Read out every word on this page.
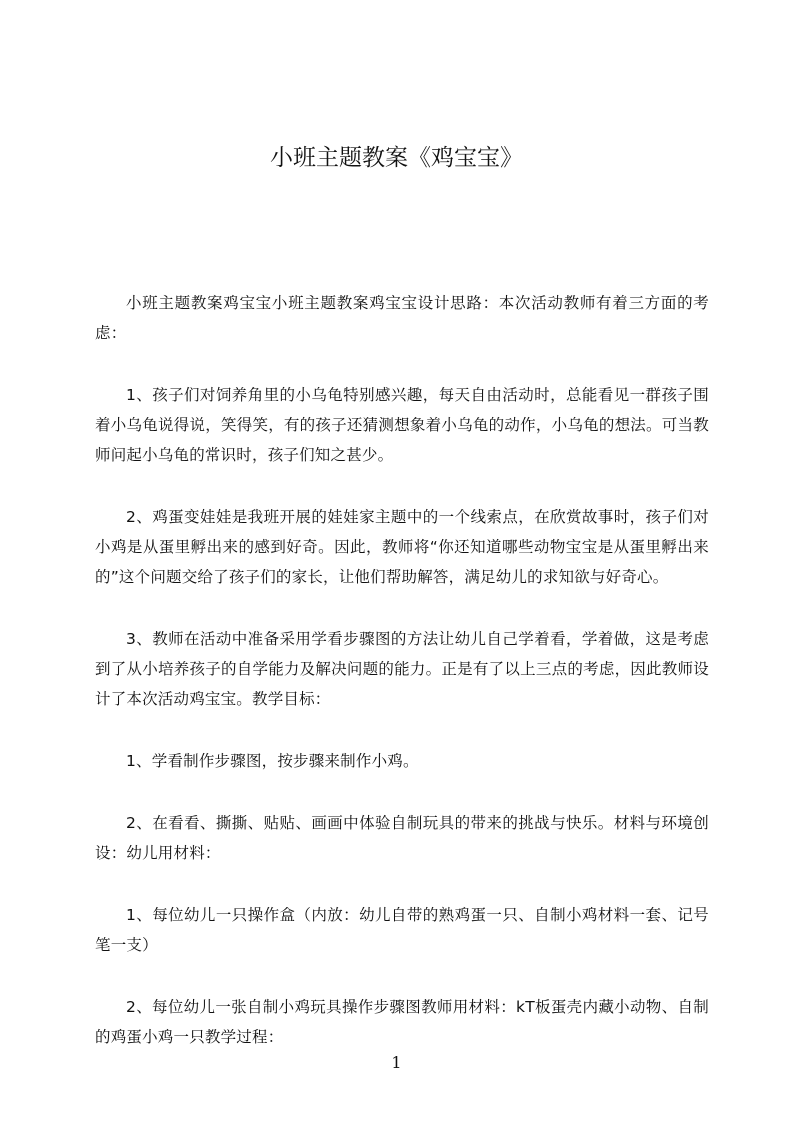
小班主题教案《鸡宝宝》

小班主题教案鸡宝宝小班主题教案鸡宝宝设计思路：本次活动教师有着三方面的考虑：

1、孩子们对饲养角里的小乌龟特别感兴趣，每天自由活动时，总能看见一群孩子围着小乌龟说得说，笑得笑，有的孩子还猜测想象着小乌龟的动作，小乌龟的想法。可当教师问起小乌龟的常识时，孩子们知之甚少。

2、鸡蛋变娃娃是我班开展的娃娃家主题中的一个线索点，在欣赏故事时，孩子们对小鸡是从蛋里孵出来的感到好奇。因此，教师将“你还知道哪些动物宝宝是从蛋里孵出来的”这个问题交给了孩子们的家长，让他们帮助解答，满足幼儿的求知欲与好奇心。

3、教师在活动中准备采用学看步骤图的方法让幼儿自己学着看，学着做，这是考虑到了从小培养孩子的自学能力及解决问题的能力。正是有了以上三点的考虑，因此教师设计了本次活动鸡宝宝。教学目标：

1、学看制作步骤图，按步骤来制作小鸡。

2、在看看、撕撕、贴贴、画画中体验自制玩具的带来的挑战与快乐。材料与环境创设：幼儿用材料：

1、每位幼儿一只操作盒（内放：幼儿自带的熟鸡蛋一只、自制小鸡材料一套、记号笔一支）

2、每位幼儿一张自制小鸡玩具操作步骤图教师用材料：kT板蛋壳内藏小动物、自制的鸡蛋小鸡一只教学过程：

1
